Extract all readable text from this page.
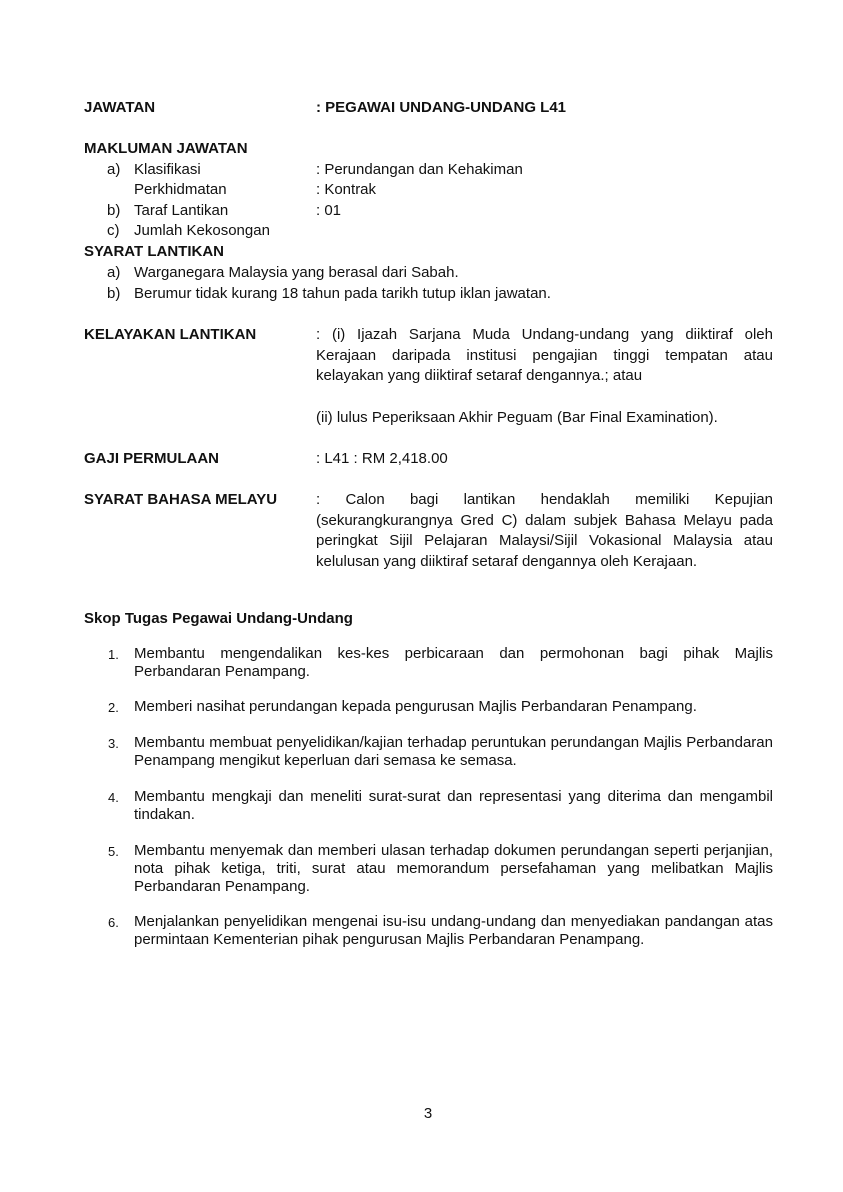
JAWATAN	: PEGAWAI UNDANG-UNDANG L41
MAKLUMAN JAWATAN
a) Klasifikasi	: Perundangan dan Kehakiman
Perkhidmatan	: Kontrak
b) Taraf Lantikan	: 01
c) Jumlah Kekosongan
SYARAT LANTIKAN
a) Warganegara Malaysia yang berasal dari Sabah.
b) Berumur tidak kurang 18 tahun pada tarikh tutup iklan jawatan.
KELAYAKAN LANTIKAN	: (i) Ijazah Sarjana Muda Undang-undang yang diiktiraf oleh Kerajaan daripada institusi pengajian tinggi tempatan atau kelayakan yang diiktiraf setaraf dengannya.; atau
(ii) lulus Peperiksaan Akhir Peguam (Bar Final Examination).
GAJI PERMULAAN	: L41 : RM 2,418.00
SYARAT BAHASA MELAYU	: Calon bagi lantikan hendaklah memiliki Kepujian (sekurangkurangnya Gred C) dalam subjek Bahasa Melayu pada peringkat Sijil Pelajaran Malaysi/Sijil Vokasional Malaysia atau kelulusan yang diiktiraf setaraf dengannya oleh Kerajaan.
Skop Tugas Pegawai Undang-Undang
1. Membantu mengendalikan kes-kes perbicaraan dan permohonan bagi pihak Majlis Perbandaran Penampang.
2. Memberi nasihat perundangan kepada pengurusan Majlis Perbandaran Penampang.
3. Membantu membuat penyelidikan/kajian terhadap peruntukan perundangan Majlis Perbandaran Penampang mengikut keperluan dari semasa ke semasa.
4. Membantu mengkaji dan meneliti surat-surat dan representasi yang diterima dan mengambil tindakan.
5. Membantu menyemak dan memberi ulasan terhadap dokumen perundangan seperti perjanjian, nota pihak ketiga, triti, surat atau memorandum persefahaman yang melibatkan Majlis Perbandaran Penampang.
6. Menjalankan penyelidikan mengenai isu-isu undang-undang dan menyediakan pandangan atas permintaan Kementerian pihak pengurusan Majlis Perbandaran Penampang.
3
